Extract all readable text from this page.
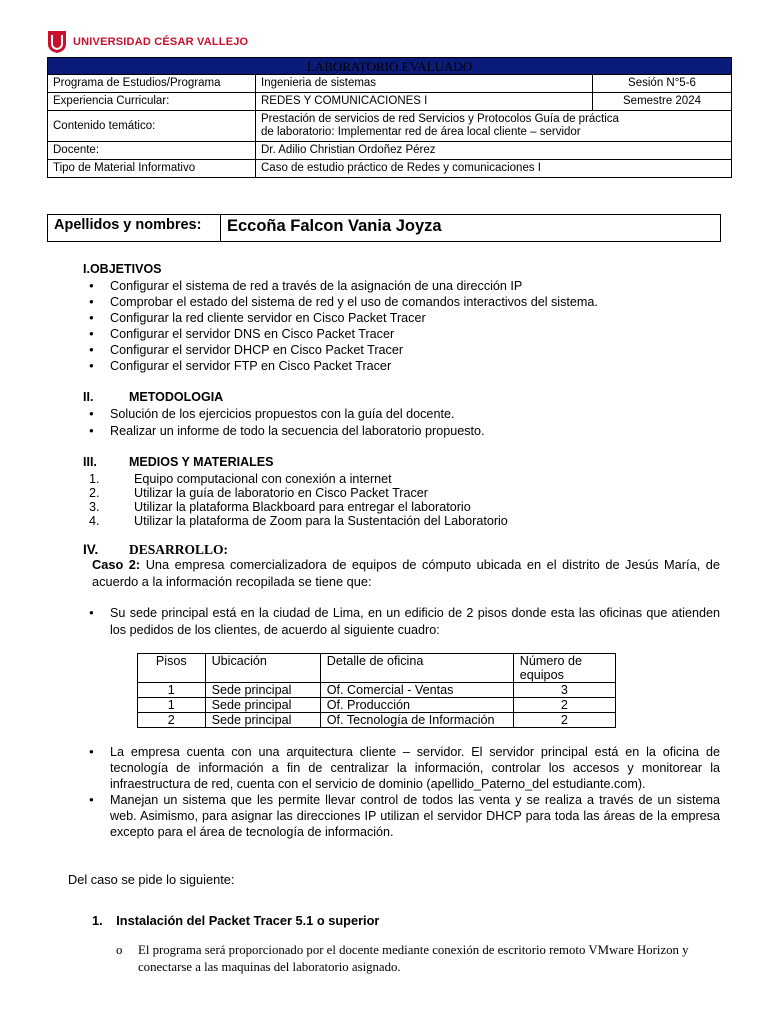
UNIVERSIDAD CÉSAR VALLEJO
LABORATORIO EVALUADO		
Programa de Estudios/Programa	Ingenieria de sistemas	Sesión N°5-6
Experiencia Curricular:	REDES Y COMUNICACIONES I	Semestre 2024
Contenido temático:	Prestación de servicios de red Servicios y Protocolos Guía de práctica de laboratorio: Implementar red de área local cliente – servidor	
Docente:	Dr. Adilio Christian Ordoñez Pérez	
Tipo de Material Informativo	Caso de estudio práctico de Redes y comunicaciones I	
Apellidos y nombres:	Eccoña Falcon Vania Joyza
I.OBJETIVOS
● Configurar el sistema de red a través de la asignación de una dirección IP
● Comprobar el estado del sistema de red y el uso de comandos interactivos del sistema.
● Configurar la red cliente servidor en Cisco Packet Tracer
● Configurar el servidor DNS en Cisco Packet Tracer
● Configurar el servidor DHCP en Cisco Packet Tracer
● Configurar el servidor FTP en Cisco Packet Tracer
II.	METODOLOGIA
● Solución de los ejercicios propuestos con la guía del docente.
● Realizar un informe de todo la secuencia del laboratorio propuesto.
III.	MEDIOS Y MATERIALES
1.	Equipo computacional con conexión a internet
2.	Utilizar la guía de laboratorio en Cisco Packet Tracer
3.	Utilizar la plataforma Blackboard para entregar el laboratorio
4.	Utilizar la plataforma de Zoom para la Sustentación del Laboratorio
IV. DESARROLLO:
Caso 2: Una empresa comercializadora de equipos de cómputo ubicada en el distrito de Jesús María, de acuerdo a la información recopilada se tiene que:
● Su sede principal está en la ciudad de Lima, en un edificio de 2 pisos donde esta las oficinas que atienden los pedidos de los clientes, de acuerdo al siguiente cuadro:
Pisos	Ubicación	Detalle de oficina	Número de equipos
1	Sede principal	Of. Comercial - Ventas	3
1	Sede principal	Of. Producción	2
2	Sede principal	Of. Tecnología de Información	2
● La empresa cuenta con una arquitectura cliente – servidor. El servidor principal está en la oficina de tecnología de información a fin de centralizar la información, controlar los accesos y monitorear la infraestructura de red, cuenta con el servicio de dominio (apellido_Paterno_del estudiante.com).
● Manejan un sistema que les permite llevar control de todos las venta y se realiza a través de un sistema web. Asimismo, para asignar las direcciones IP utilizan el servidor DHCP para toda las áreas de la empresa excepto para el área de tecnología de información.
Del caso se pide lo siguiente:
1. Instalación del Packet Tracer 5.1 o superior
o El programa será proporcionado por el docente mediante conexión de escritorio remoto VMware Horizon y conectarse a las maquinas del laboratorio asignado.
